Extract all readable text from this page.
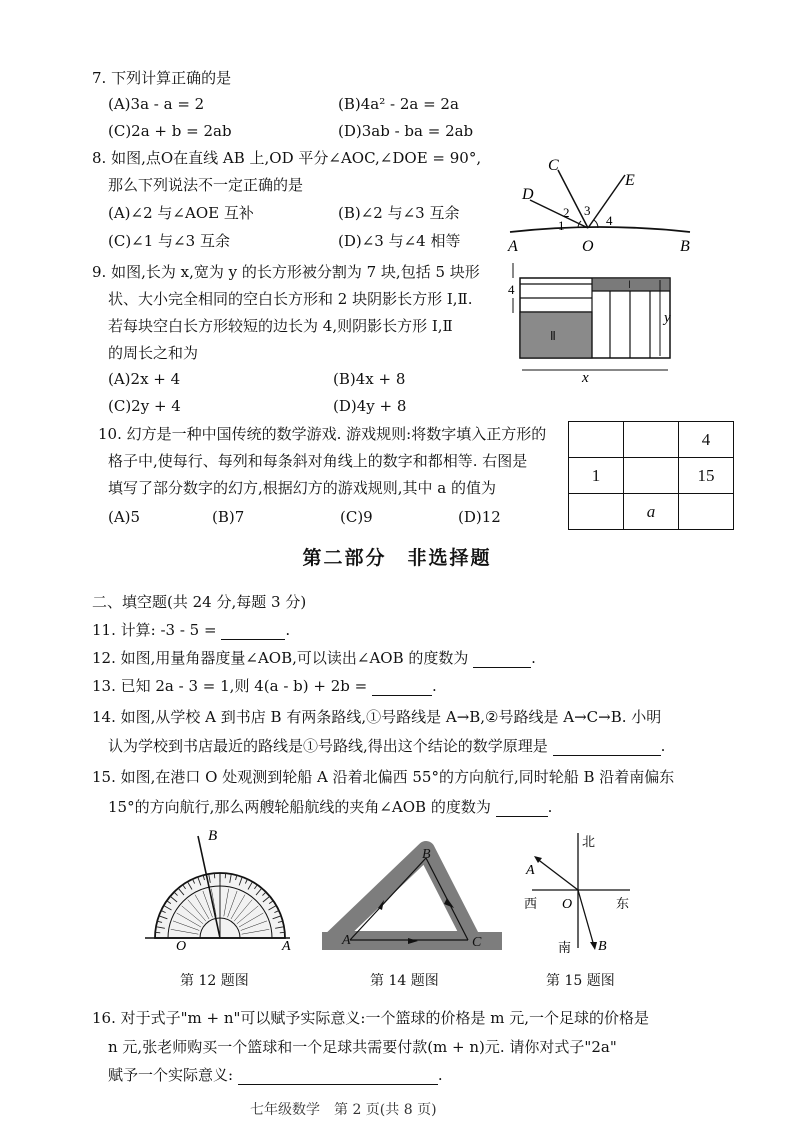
7. 下列计算正确的是
(A)3a - a = 2	(B)4a² - 2a = 2a
(C)2a + b = 2ab	(D)3ab - ba = 2ab
8. 如图,点O在直线 AB 上,OD 平分∠AOC,∠DOE = 90°,
那么下列说法不一定正确的是
(A)∠2 与∠AOE 互补	(B)∠2 与∠3 互余
(C)∠1 与∠3 互余	(D)∠3 与∠4 相等
C
D
E
A	O	B
1
2 3
4
9. 如图,长为 x,宽为 y 的长方形被分割为 7 块,包括 5 块形
状、大小完全相同的空白长方形和 2 块阴影长方形 Ⅰ,Ⅱ.
若每块空白长方形较短的边长为 4,则阴影长方形 Ⅰ,Ⅱ
的周长之和为
(A)2x + 4	(B)4x + 8
(C)2y + 4	(D)4y + 8
4
y
x
Ⅰ
Ⅱ
10. 幻方是一种中国传统的数学游戏. 游戏规则:将数字填入正方形的
格子中,使每行、每列和每条斜对角线上的数字和都相等. 右图是
填写了部分数字的幻方,根据幻方的游戏规则,其中 a 的值为
(A)5	(B)7	(C)9	(D)12
		4
1		15
	a	
第二部分　非选择题
二、填空题(共 24 分,每题 3 分)
11. 计算: -3 - 5 =	.
12. 如图,用量角器度量∠AOB,可以读出∠AOB 的度数为	.
13. 已知 2a - 3 = 1,则 4(a - b) + 2b =	.
14. 如图,从学校 A 到书店 B 有两条路线,①号路线是 A→B,②号路线是 A→C→B. 小明
认为学校到书店最近的路线是①号路线,得出这个结论的数学原理是	.
15. 如图,在港口 O 处观测到轮船 A 沿着北偏西 55°的方向航行,同时轮船 B 沿着南偏东
15°的方向航行,那么两艘轮船航线的夹角∠AOB 的度数为	.
B
O	A
第 12 题图
A
B
C
第 14 题图
北
南
西	东
A
B
O
第 15 题图
16. 对于式子"m + n"可以赋予实际意义:一个篮球的价格是 m 元,一个足球的价格是
n 元,张老师购买一个篮球和一个足球共需要付款(m + n)元. 请你对式子"2a"
赋予一个实际意义:	.
七年级数学　第 2 页(共 8 页)
